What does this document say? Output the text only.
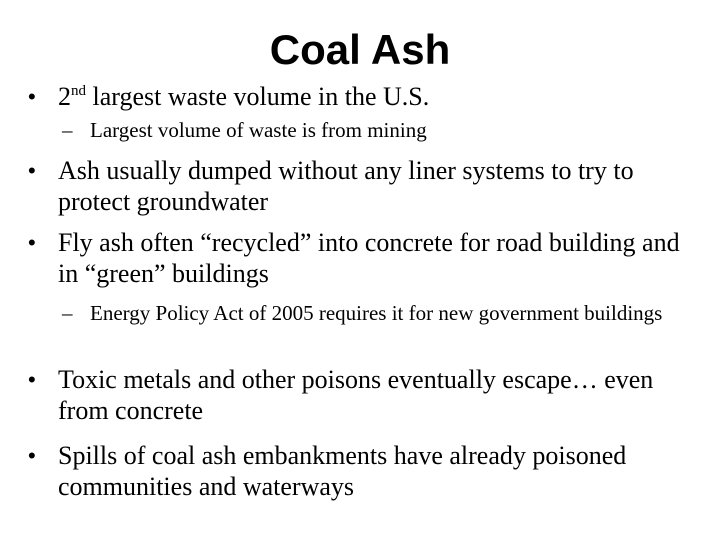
Coal Ash

• 2nd largest waste volume in the U.S.

– Largest volume of waste is from mining

• Ash usually dumped without any liner systems to try to protect groundwater

• Fly ash often “recycled” into concrete for road building and in “green” buildings

– Energy Policy Act of 2005 requires it for new government buildings

• Toxic metals and other poisons eventually escape… even from concrete

• Spills of coal ash embankments have already poisoned communities and waterways
